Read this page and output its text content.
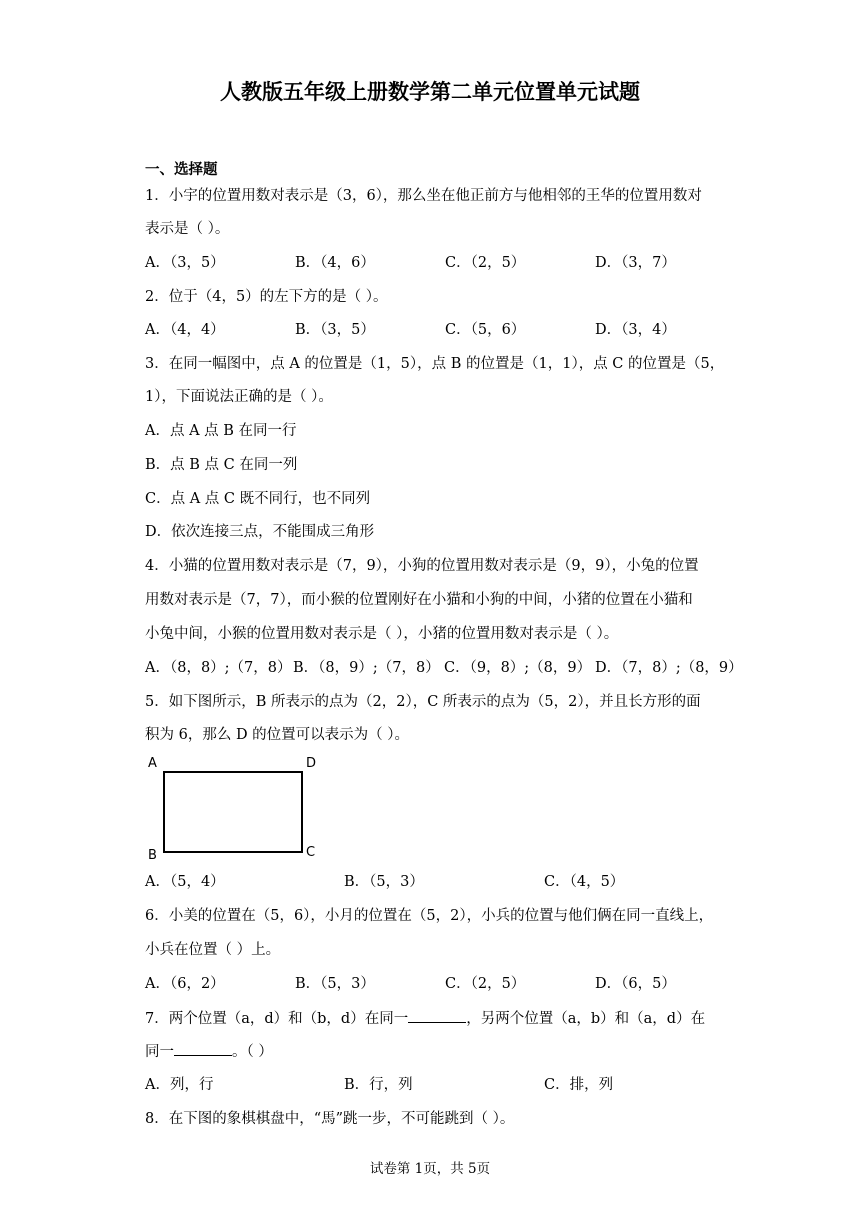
人教版五年级上册数学第二单元位置单元试题
一、选择题
1．小宇的位置用数对表示是（3，6），那么坐在他正前方与他相邻的王华的位置用数对
表示是（ ）。
A．（3，5）	B．（4，6）	C．（2，5）	D．（3，7）
2．位于（4，5）的左下方的是（ ）。
A．（4，4）	B．（3，5）	C．（5，6）	D．（3，4）
3．在同一幅图中，点 A 的位置是（1，5），点 B 的位置是（1，1），点 C 的位置是（5，
1），下面说法正确的是（ ）。
A．点 A 点 B 在同一行
B．点 B 点 C 在同一列
C．点 A 点 C 既不同行，也不同列
D．依次连接三点，不能围成三角形
4．小猫的位置用数对表示是（7，9），小狗的位置用数对表示是（9，9），小兔的位置
用数对表示是（7，7），而小猴的位置刚好在小猫和小狗的中间，小猪的位置在小猫和
小兔中间，小猴的位置用数对表示是（ ），小猪的位置用数对表示是（ ）。
A．（8，8）;（7，8） B．（8，9）;（7，8） C．（9，8）;（8，9） D．（7，8）;（8，9）
5．如下图所示，B 所表示的点为（2，2），C 所表示的点为（5，2），并且长方形的面
积为 6，那么 D 的位置可以表示为（ ）。
A	D
B	C
A．（5，4）	B．（5，3）	C．（4，5）
6．小美的位置在（5，6），小月的位置在（5，2），小兵的位置与他们俩在同一直线上，
小兵在位置（ ）上。
A．（6，2）	B．（5，3）	C．（2，5）	D．（6，5）
7．两个位置（a，d）和（b，d）在同一	，另两个位置（a，b）和（a，d）在
同一	。（ ）
A．列，行	B．行，列	C．排，列
8．在下图的象棋棋盘中，“馬”跳一步，不可能跳到（ ）。
试卷第 1页，共 5页
